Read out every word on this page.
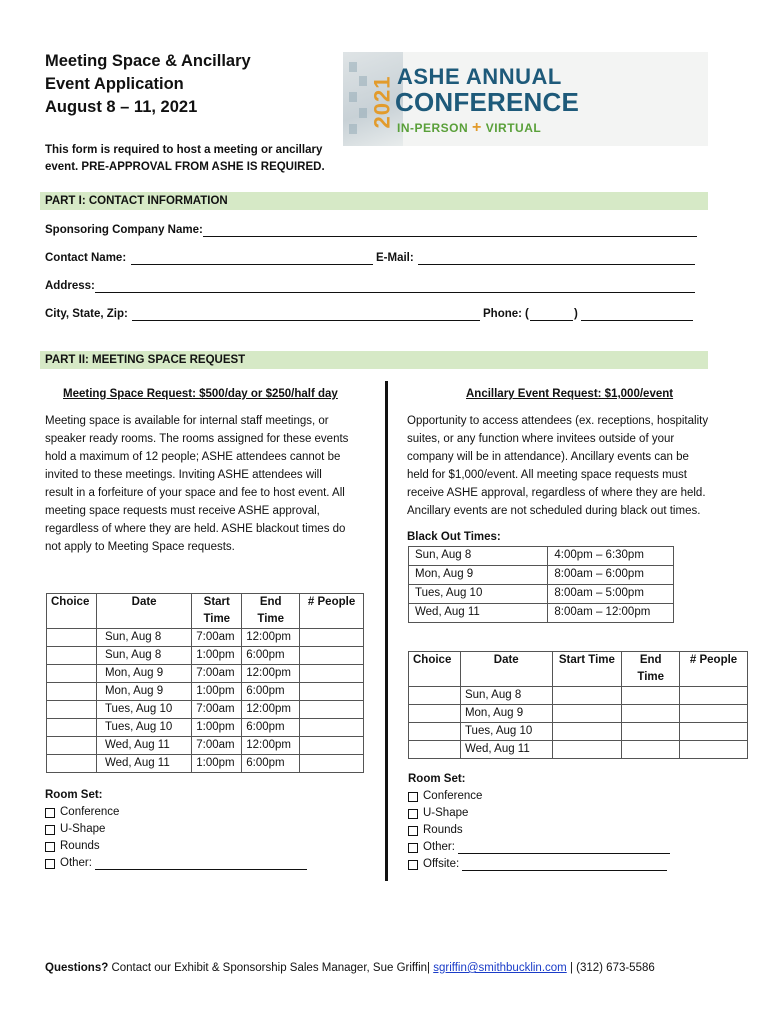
Meeting Space & Ancillary
Event Application
August 8 – 11, 2021
This form is required to host a meeting or ancillary
event. PRE-APPROVAL FROM ASHE IS REQUIRED.
2021 ASHE ANNUAL
CONFERENCE
IN-PERSON + VIRTUAL
PART I: CONTACT INFORMATION
Sponsoring Company Name:
Contact Name:	E-Mail:
Address:
City, State, Zip:	Phone: (	)
PART II: MEETING SPACE REQUEST
Meeting Space Request: $500/day or $250/half day	Ancillary Event Request: $1,000/event
Meeting space is available for internal staff meetings, or
speaker ready rooms. The rooms assigned for these events
hold a maximum of 12 people; ASHE attendees cannot be
invited to these meetings. Inviting ASHE attendees will
result in a forfeiture of your space and fee to host event. All
meeting space requests must receive ASHE approval,
regardless of where they are held. ASHE blackout times do
not apply to Meeting Space requests.
Opportunity to access attendees (ex. receptions, hospitality
suites, or any function where invitees outside of your
company will be in attendance). Ancillary events can be
held for $1,000/event. All meeting space requests must
receive ASHE approval, regardless of where they are held.
Ancillary events are not scheduled during black out times.
Choice	Date	Start Time	End Time	# People
	Sun, Aug 8	7:00am	12:00pm	
	Sun, Aug 8	1:00pm	6:00pm	
	Mon, Aug 9	7:00am	12:00pm	
	Mon, Aug 9	1:00pm	6:00pm	
	Tues, Aug 10	7:00am	12:00pm	
	Tues, Aug 10	1:00pm	6:00pm	
	Wed, Aug 11	7:00am	12:00pm	
	Wed, Aug 11	1:00pm	6:00pm	
Room Set:
Conference
U-Shape
Rounds
Other:
Black Out Times:
Sun, Aug 8	4:00pm – 6:30pm
Mon, Aug 9	8:00am – 6:00pm
Tues, Aug 10	8:00am – 5:00pm
Wed, Aug 11	8:00am – 12:00pm
Choice	Date	Start Time	End Time	# People
	Sun, Aug 8			
	Mon, Aug 9			
	Tues, Aug 10			
	Wed, Aug 11			
Room Set:
Conference
U-Shape
Rounds
Other:
Offsite:
Questions? Contact our Exhibit & Sponsorship Sales Manager, Sue Griffin| sgriffin@smithbucklin.com | (312) 673-5586
